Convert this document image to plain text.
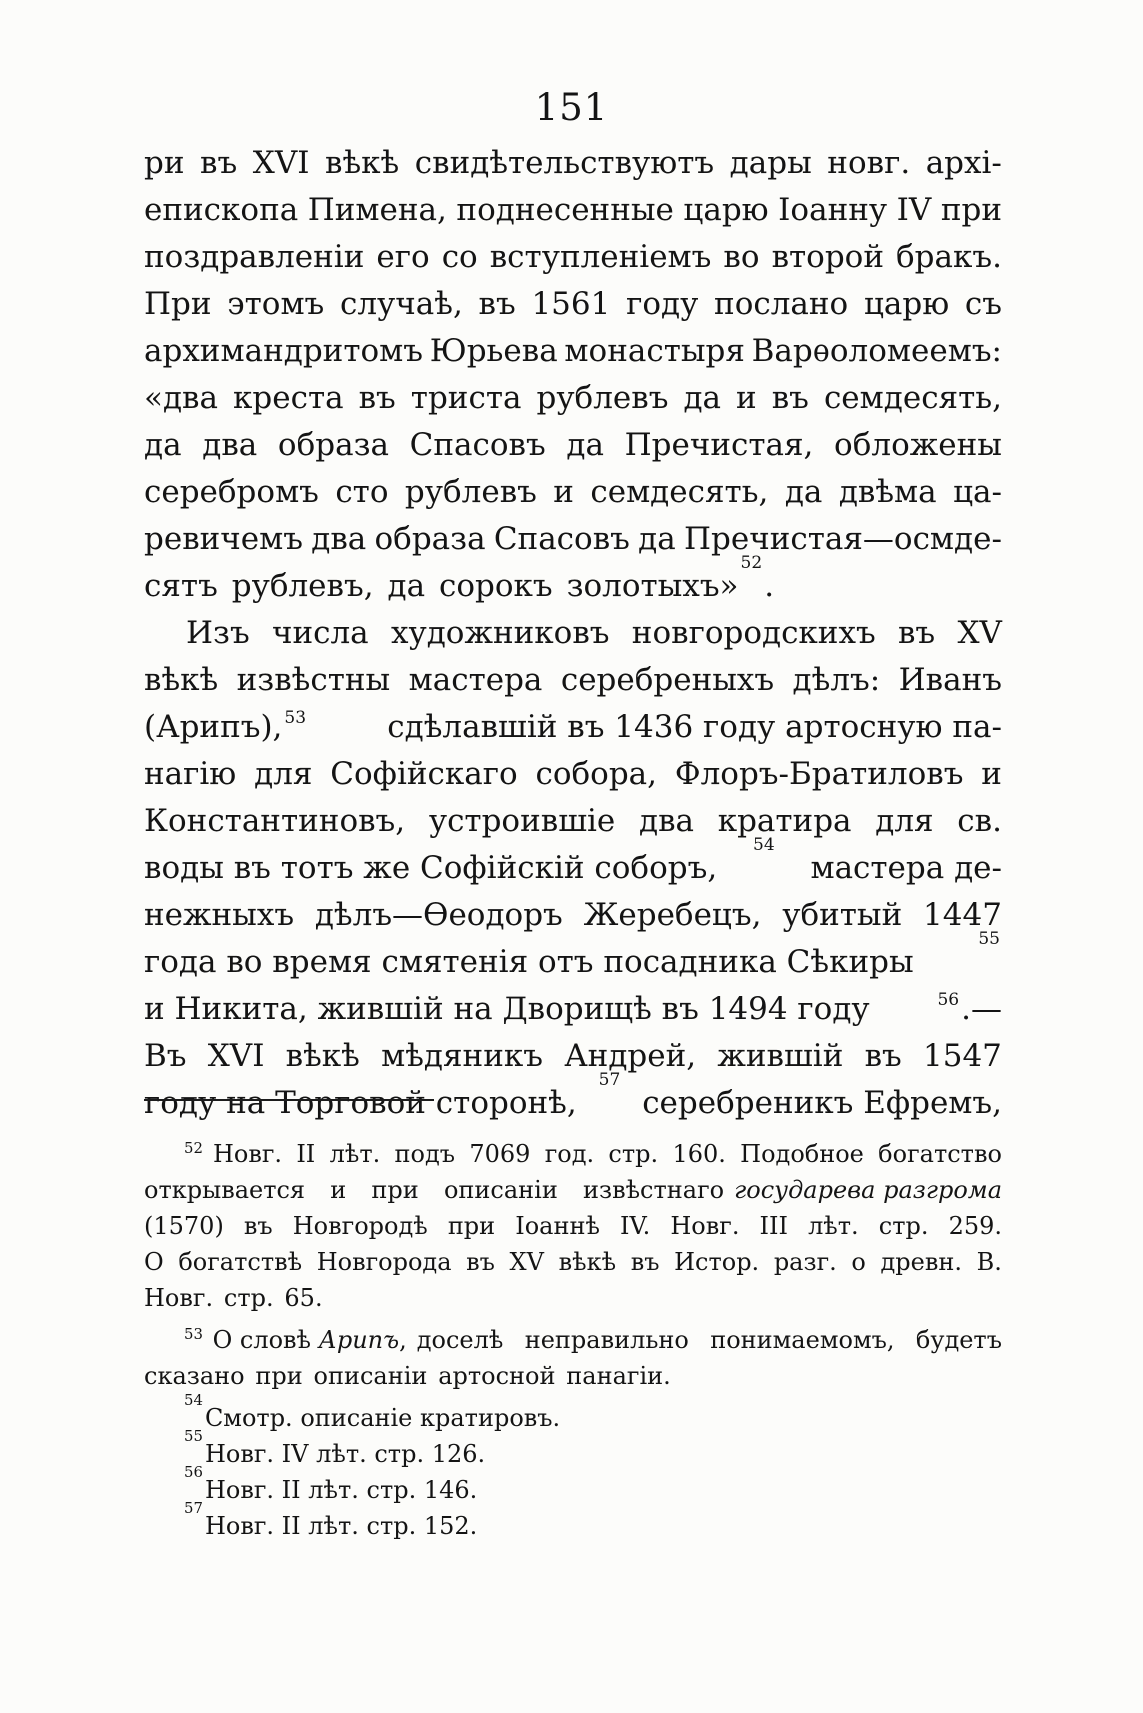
151
ри въ XVI вѣкѣ свидѣтельствуютъ дары новг. архі-
епископа Пимена, поднесенные царю Іоанну IV при
поздравленіи его со вступленіемъ во второй бракъ.
При этомъ случаѣ, въ 1561 году послано царю съ
архимандритомъ Юрьева монастыря Варѳоломеемъ:
«два креста въ триста рублевъ да и въ семдесять,
да два образа Спасовъ да Пречистая, обложены
серебромъ сто рублевъ и семдесять, да двѣма ца-
ревичемъ два образа Спасовъ да Пречистая—осмде-
сятъ рублевъ, да сорокъ золотыхъ»
52
.
Изъ числа художниковъ новгородскихъ въ XV
вѣкѣ извѣстны мастера серебреныхъ дѣлъ: Иванъ
(Арипъ), $^{53}$	сдѣлавшій въ 1436 году артосную па-
нагію для Софійскаго собора, Флоръ-Братиловъ и
Константиновъ, устроившіе два кратира для св.
воды въ тотъ же Софійскій соборъ,
54
мастера де-
нежныхъ дѣлъ—Ѳеодоръ Жеребецъ, убитый 1447
года во время смятенія отъ посадника Сѣкиры
55
и Никита, жившій на Дворищѣ въ 1494 году	$^{56}$.—
Въ XVI вѣкѣ мѣдяникъ Андрей, жившій въ 1547
году на Торговой сторонѣ,
57
серебреникъ Ефремъ,
$^{52}$ Новг. II лѣт. подъ 7069 год. стр. 160. Подобное богатство
открывается и при описаніи извѣстнаго государева разгрома
(1570) въ Новгородѣ при Іоаннѣ IV. Новг. III лѣт. стр. 259.
О богатствѣ Новгорода въ XV вѣкѣ въ Истор. разг. о древн. В.
Новг. стр. 65.
$^{53}$ О словѣ Арипъ, доселѣ неправильно понимаемомъ, будетъ
сказано при описаніи артосной панагіи.
54
Смотр. описаніе кратировъ.
55
Новг. IV лѣт. стр. 126.
56
Новг. II лѣт. стр. 146.
57
Новг. II лѣт. стр. 152.
